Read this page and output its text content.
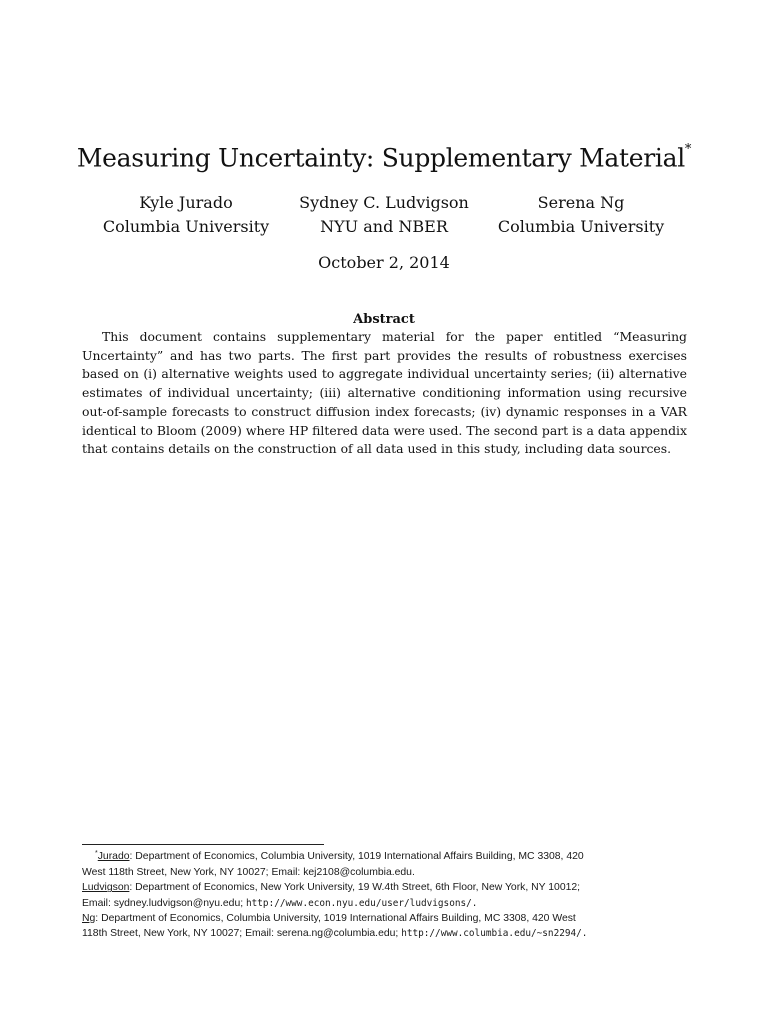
Measuring Uncertainty: Supplementary Material*
Kyle Jurado
Columbia University
Sydney C. Ludvigson
NYU and NBER
Serena Ng
Columbia University
October 2, 2014
Abstract

This document contains supplementary material for the paper entitled “Measuring Uncertainty” and has two parts. The first part provides the results of robustness exercises based on (i) alternative weights used to aggregate individual uncertainty series; (ii) alternative estimates of individual uncertainty; (iii) alternative conditioning information using recursive out-of-sample forecasts to construct diffusion index forecasts; (iv) dynamic responses in a VAR identical to Bloom (2009) where HP filtered data were used. The second part is a data appendix that contains details on the construction of all data used in this study, including data sources.

*Jurado: Department of Economics, Columbia University, 1019 International Affairs Building, MC 3308, 420
West 118th Street, New York, NY 10027; Email: kej2108@columbia.edu.
Ludvigson: Department of Economics, New York University, 19 W.4th Street, 6th Floor, New York, NY 10012;
Email: sydney.ludvigson@nyu.edu; http://www.econ.nyu.edu/user/ludvigsons/.
Ng: Department of Economics, Columbia University, 1019 International Affairs Building, MC 3308, 420 West
118th Street, New York, NY 10027; Email: serena.ng@columbia.edu; http://www.columbia.edu/~sn2294/.
